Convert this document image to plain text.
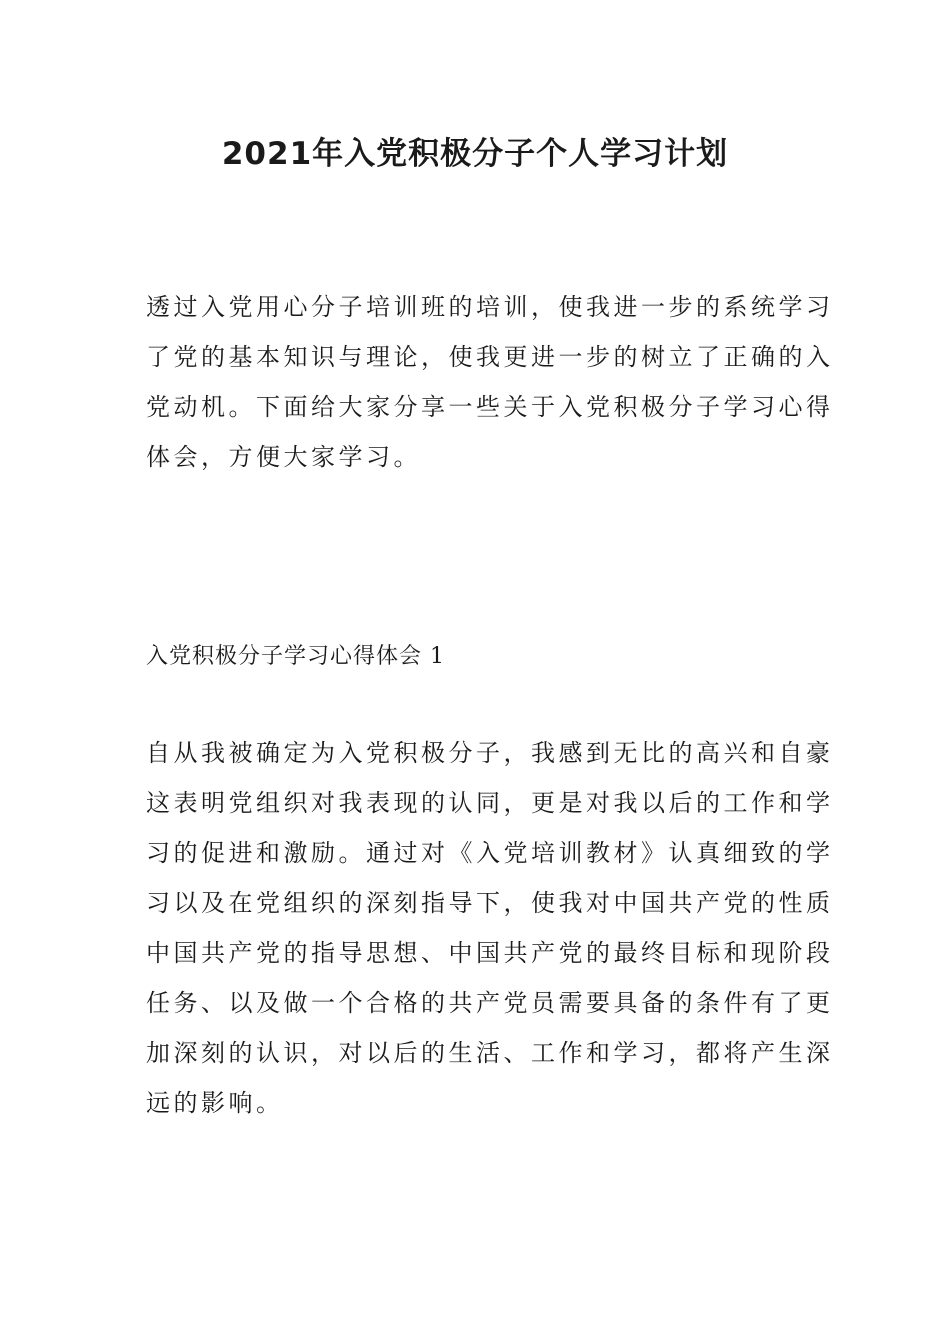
2021年入党积极分子个人学习计划
透过入党用心分子培训班的培训，使我进一步的系统学习
了党的基本知识与理论，使我更进一步的树立了正确的入
党动机。下面给大家分享一些关于入党积极分子学习心得
体会，方便大家学习。
入党积极分子学习心得体会 1
自从我被确定为入党积极分子，我感到无比的高兴和自豪
这表明党组织对我表现的认同，更是对我以后的工作和学
习的促进和激励。通过对《入党培训教材》认真细致的学
习以及在党组织的深刻指导下，使我对中国共产党的性质
中国共产党的指导思想、中国共产党的最终目标和现阶段
任务、以及做一个合格的共产党员需要具备的条件有了更
加深刻的认识，对以后的生活、工作和学习，都将产生深
远的影响。
